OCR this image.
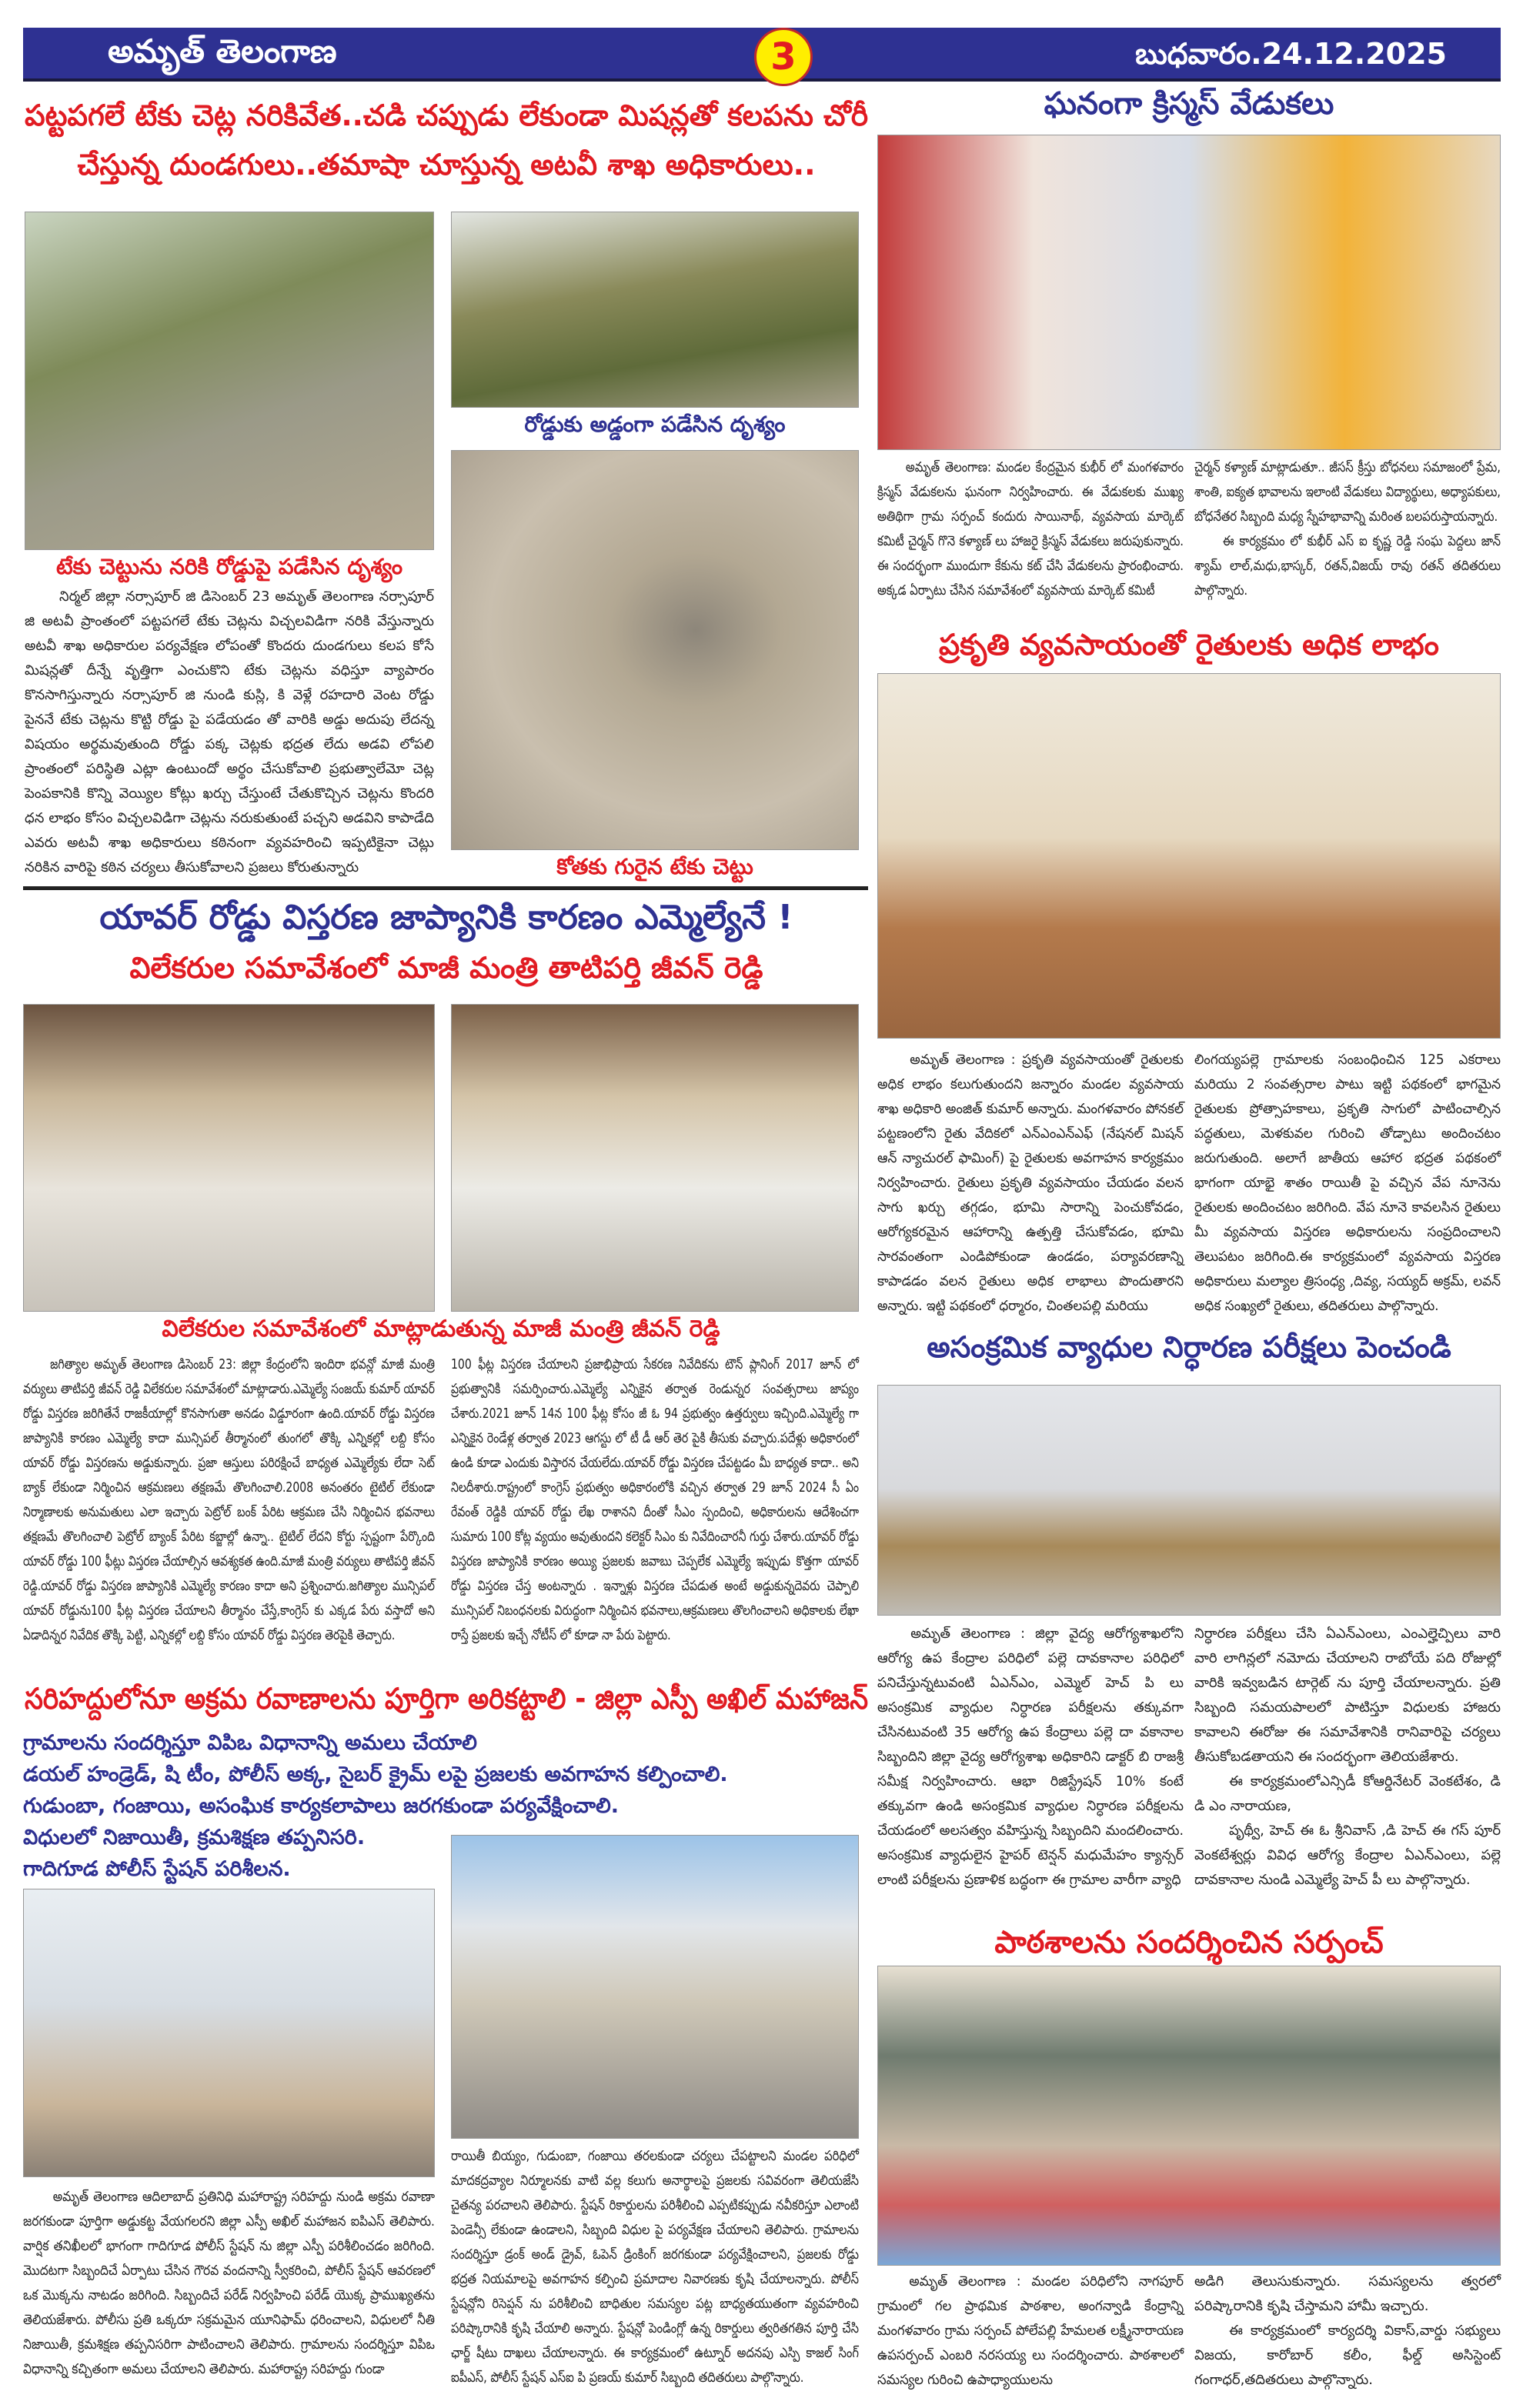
అమృత్ తెలంగాణ	3	బుధవారం.24.12.2025
పట్టపగలే టేకు చెట్ల నరికివేత..చడి చప్పుడు లేకుండా మిషన్లతో కలపను చోరీ
చేస్తున్న దుండగులు..తమాషా చూస్తున్న అటవీ శాఖ అధికారులు..
రోడ్డుకు అడ్డంగా పడేసిన దృశ్యం
కోతకు గురైన టేకు చెట్టు
టేకు చెట్టును నరికి రోడ్డుపై పడేసిన దృశ్యం
నిర్మల్ జిల్లా నర్సాపూర్ జి డిసెంబర్ 23 అమృత్ తెలంగాణ నర్సాపూర్ జి అటవీ ప్రాంతంలో పట్టపగలే టేకు చెట్లను విచ్చలవిడిగా నరికి వేస్తున్నారు అటవీ శాఖ అధికారుల పర్యవేక్షణ లోపంతో కొందరు దుండగులు కలప కోసే మిషన్లతో దీన్నే వృత్తిగా ఎంచుకొని టేకు చెట్లను వధిస్తూ వ్యాపారం కొనసాగిస్తున్నారు నర్సాపూర్ జి నుండి కుస్లి, కి వెళ్లే రహదారి వెంట రోడ్డు పైననే టేకు చెట్లను కొట్టి రోడ్డు పై పడేయడం తో వారికి అడ్డు అదుపు లేదన్న విషయం అర్థమవుతుంది రోడ్డు పక్క చెట్లకు భద్రత లేదు అడవి లోపలి ప్రాంతంలో పరిస్థితి ఎట్లా ఉంటుందో అర్థం చేసుకోవాలి ప్రభుత్వాలేమో చెట్ల పెంపకానికి కొన్ని వెయ్యిల కోట్లు ఖర్చు చేస్తుంటే చేతుకొచ్చిన చెట్లను కొందరి ధన లాభం కోసం విచ్చలవిడిగా చెట్లను నరుకుతుంటే పచ్చని అడవిని కాపాడేది ఎవరు అటవీ శాఖ అధికారులు కఠినంగా వ్యవహరించి ఇప్పటికైనా చెట్లు నరికిన వారిపై కఠిన చర్యలు తీసుకోవాలని ప్రజలు కోరుతున్నారు
యావర్ రోడ్డు విస్తరణ జాప్యానికి కారణం ఎమ్మెల్యేనే !
విలేకరుల సమావేశంలో మాజీ మంత్రి తాటిపర్తి జీవన్ రెడ్డి
విలేకరుల సమావేశంలో మాట్లాడుతున్న మాజీ మంత్రి జీవన్ రెడ్డి
జగిత్యాల అమృత్ తెలంగాణ డిసెంబర్ 23: జిల్లా కేంద్రంలోని ఇందిరా భవన్లో మాజీ మంత్రి వర్యులు తాటిపర్తి జీవన్ రెడ్డి విలేకరుల సమావేశంలో మాట్లాడారు.ఎమ్మెల్యే సంజయ్ కుమార్ యావర్ రోడ్డు విస్తరణ జరిగితేనే రాజకీయాల్లో కొనసాగుతా అనడం విడ్డూరంగా ఉంది.యావర్ రోడ్డు విస్తరణ జాప్యానికి కారణం ఎమ్మెల్యే కాదా మున్సిపల్ తీర్మానంలో తుంగలో తొక్కి ఎన్నికల్లో లబ్ది కోసం యావర్ రోడ్డు విస్తరణను అడ్డుకున్నారు. ప్రజా ఆస్తులు పరిరక్షించే బాధ్యత ఎమ్మెల్యేకు లేదా సెట్ బ్యాక్ లేకుండా నిర్మించిన ఆక్రమణలు తక్షణమే తొలగించాలి.2008 అనంతరం టైటిల్ లేకుండా నిర్మాణాలకు అనుమతులు ఎలా ఇచ్చారు పెట్రోల్ బంక్ పేరిట ఆక్రమణ చేసి నిర్మించిన భవనాలు తక్షణమే తొలగించాలి పెట్రోల్ బ్యాంక్ పేరిట కబ్జాల్లో ఉన్నా.. టైటిల్ లేదని కోర్టు స్పష్టంగా పేర్కొంది యావర్ రోడ్డు 100 ఫీట్లు విస్తరణ చేయాల్సిన ఆవశ్యకత ఉంది.మాజీ మంత్రి వర్యులు తాటిపర్తి జీవన్ రెడ్డి.యావర్ రోడ్డు విస్తరణ జాప్యానికి ఎమ్మెల్యే కారణం కాదా అని ప్రశ్నించారు.జగిత్యాల మున్సిపల్ యావర్ రోడ్డును100 ఫీట్ల విస్తరణ చేయాలని తీర్మానం చేస్తే,కాంగ్రెస్ కు ఎక్కడ పేరు వస్తాదో అని ఏడాదిన్నర నివేదిక తొక్కి పెట్టి, ఎన్నికల్లో లబ్ది కోసం యావర్ రోడ్డు విస్తరణ తెరపైకి తెచ్చారు.
100 ఫీట్ల విస్తరణ చేయాలని ప్రజాభిప్రాయ సేకరణ నివేదికను టౌన్ ప్లానింగ్ 2017 జూన్ లో ప్రభుత్వానికి సమర్పించారు.ఎమ్మెల్యే ఎన్నికైన తర్వాత రెండున్నర సంవత్సరాలు జాప్యం చేశారు.2021 జూన్ 14న 100 ఫీట్ల కోసం జీ ఓ 94 ప్రభుత్వం ఉత్తర్వులు ఇచ్చింది.ఎమ్మెల్యే గా ఎన్నికైన రెండేళ్ల తర్వాత 2023 ఆగస్టు లో టీ డీ ఆర్ తెర పైకి తీసుకు వచ్చారు.పదేళ్లు అధికారంలో ఉండి కూడా ఎందుకు విస్తారన చేయలేదు.యావర్ రోడ్డు విస్తరణ చేపట్టడం మీ బాధ్యత కాదా.. అని నిలదీశారు.రాష్ట్రంలో కాంగ్రెస్ ప్రభుత్వం అధికారంలోకి వచ్చిన తర్వాత 29 జూన్ 2024 సీ ఏం రేవంత్ రెడ్డికి యావర్ రోడ్డు లేఖ రాశానని దీంతో సీఎం స్పందించి, అధికారులను ఆదేశించగా సుమారు 100 కోట్ల వ్యయం అవుతుందని కలెక్టర్ సిఎం కు నివేదించారనీ గుర్తు చేశారు.యావర్ రోడ్డు విస్తరణ జాప్యానికి కారణం అయ్యి ప్రజలకు జవాబు చెప్పలేక ఎమ్మెల్యే ఇప్పుడు కొత్తగా యావర్ రోడ్డు విస్తరణ చేస్త అంటన్నారు . ఇన్నాళ్లు విస్తరణ చేపడుత అంటే అడ్డుకున్నదెవరు చెప్పాలి మున్సిపల్ నిబంధనలకు విరుద్ధంగా నిర్మించిన భవనాలు,ఆక్రమణలు తొలగించాలని అధికాలకు లేఖా రాస్తే ప్రజలకు ఇచ్చే నోటీస్ లో కూడా నా పేరు పెట్టారు.
సరిహద్దులోనూ అక్రమ రవాణాలను పూర్తిగా అరికట్టాలి - జిల్లా ఎస్పీ అఖిల్ మహాజన్
గ్రామాలను సందర్శిస్తూ విపిఒ విధానాన్ని అమలు చేయాలి
డయల్ హండ్రెడ్, షి టీం, పోలీస్ అక్క, సైబర్ క్రైమ్ లపై ప్రజలకు అవగాహన కల్పించాలి.
గుడుంబా, గంజాయి, అసంఘిక కార్యకలాపాలు జరగకుండా పర్యవేక్షించాలి.
విధులలో నిజాయితీ, క్రమశిక్షణ తప్పనిసరి.
గాదిగూడ పోలీస్ స్టేషన్ పరిశీలన.
అమృత్ తెలంగాణ ఆదిలాబాద్ ప్రతినిధి మహారాష్ట్ర సరిహద్దు నుండి అక్రమ రవాణా జరగకుండా పూర్తిగా అడ్డుకట్ట వేయగలరని జిల్లా ఎస్పీ అఖిల్ మహాజన ఐపిఎస్ తెలిపారు. వార్షిక తనిఖీలలో భాగంగా గాదిగూడ పోలీస్ స్టేషన్ ను జిల్లా ఎస్పీ పరిశీలించడం జరిగింది. మొదటగా సిబ్బందిచే ఏర్పాటు చేసిన గౌరవ వందనాన్ని స్వీకరించి, పోలీస్ స్టేషన్ ఆవరణలో ఒక మొక్కను నాటడం జరిగింది. సిబ్బందిచే పరేడ్ నిర్వహించి పరేడ్ యొక్క ప్రాముఖ్యతను తెలియజేశారు. పోలీసు ప్రతి ఒక్కరూ సక్రమమైన యూనిఫామ్ ధరించాలని, విధులలో నీతి నిజాయితీ, క్రమశిక్షణ తప్పనిసరిగా పాటించాలని తెలిపారు. గ్రామాలను సందర్శిస్తూ విపిఒ విధానాన్ని కచ్చితంగా అమలు చేయాలని తెలిపారు. మహారాష్ట్ర సరిహద్దు గుండా
రాయితీ బియ్యం, గుడుంబా, గంజాయి తరలకుండా చర్యలు చేపట్టాలని మండల పరిధిలో మాదకద్రవ్యాల నిర్మూలనకు వాటి వల్ల కలుగు అనార్థాలపై ప్రజలకు సవివరంగా తెలియజేసి చైతన్య పరచాలని తెలిపారు. స్టేషన్ రికార్డులను పరిశీలించి ఎప్పటికప్పుడు నవీకరిస్తూ ఎలాంటి పెండెన్సీ లేకుండా ఉండాలని, సిబ్బంది విధుల పై పర్యవేక్షణ చేయాలని తెలిపారు. గ్రామాలను సందర్శిస్తూ డ్రంక్ అండ్ డ్రైవ్, ఓపెన్ డ్రింకింగ్ జరగకుండా పర్యవేక్షించాలని, ప్రజలకు రోడ్డు భద్రత నియమాలపై అవగాహన కల్పించి ప్రమాదాల నివారణకు కృషి చేయాలన్నారు. పోలీస్ స్టేషన్లోని రిసెప్షన్ ను పరిశీలించి బాధితుల సమస్యల పట్ల బాధ్యతయుతంగా వ్యవహరించి పరిష్కారానికి కృషి చేయాలి అన్నారు. స్టేషన్లో పెండింగ్లో ఉన్న రికార్డులు త్వరితగతిన పూర్తి చేసి ఛార్జ్ షీటు దాఖలు చేయాలన్నారు. ఈ కార్యక్రమంలో ఉట్నూర్ అదనపు ఎస్పి కాజల్ సింగ్ ఐపీఎస్, పోలీస్ స్టేషన్ ఎస్ఐ పి ప్రణయ్ కుమార్ సిబ్బంది తదితరులు పాల్గొన్నారు.
ఘనంగా క్రిస్మస్ వేడుకలు
అమృత్ తెలంగాణ: మండల కేంద్రమైన కుభీర్ లో మంగళవారం క్రిస్మస్ వేడుకలను ఘనంగా నిర్వహించారు. ఈ వేడుకలకు ముఖ్య అతిథిగా గ్రామ సర్పంచ్ కందురు సాయినాథ్, వ్యవసాయ మార్కెట్ కమిటీ చైర్మన్ గొనె కళ్యాణ్ లు హాజరై క్రిస్మస్ వేడుకలు జరుపుకున్నారు. ఈ సందర్భంగా ముందుగా కేకును కట్ చేసి వేడుకలను ప్రారంభించారు. అక్కడ ఏర్పాటు చేసిన సమావేశంలో వ్యవసాయ మార్కెట్ కమిటీ
చైర్మన్ కళ్యాణ్ మాట్లాడుతూ.. జీసస్ క్రీస్తు బోధనలు సమాజంలో ప్రేమ, శాంతి, ఐక్యత భావాలను ఇలాంటి వేడుకలు విద్యార్థులు, అధ్యాపకులు, బోధనేతర సిబ్బంది మధ్య స్నేహభావాన్ని మరింత బలపరుస్తాయన్నారు.
ఈ కార్యక్రమం లో కుభీర్ ఎస్ ఐ కృష్ణ రెడ్డి సంఘ పెద్దలు జాన్ శ్యామ్ లాల్,మధు,భాస్కర్, రతన్,విజయ్ రావు రతన్ తదితరులు పాల్గొన్నారు.
ప్రకృతి వ్యవసాయంతో రైతులకు అధిక లాభం
అమృత్ తెలంగాణ : ప్రకృతి వ్యవసాయంతో రైతులకు అధిక లాభం కలుగుతుందని జన్నారం మండల వ్యవసాయ శాఖ అధికారి అంజిత్ కుమార్ అన్నారు. మంగళవారం పోనకల్ పట్టణంలోని రైతు వేదికలో ఎన్ఎంఎన్ఎఫ్ (నేషనల్ మిషన్ ఆన్ న్యాచురల్ ఫామింగ్) పై రైతులకు అవగాహన కార్యక్రమం నిర్వహించారు. రైతులు ప్రకృతి వ్యవసాయం చేయడం వలన సాగు ఖర్చు తగ్గడం, భూమి సారాన్ని పెంచుకోవడం, ఆరోగ్యకరమైన ఆహారాన్ని ఉత్పత్తి చేసుకోవడం, భూమి సారవంతంగా ఎండిపోకుండా ఉండడం, పర్యావరణాన్ని కాపాడడం వలన రైతులు అధిక లాభాలు పొందుతారని అన్నారు. ఇట్టి పథకంలో ధర్మారం, చింతలపల్లి మరియు
లింగయ్యపల్లె గ్రామాలకు సంబంధించిన 125 ఎకరాలు మరియు 2 సంవత్సరాల పాటు ఇట్టి పథకంలో భాగమైన రైతులకు ప్రోత్సాహకాలు, ప్రకృతి సాగులో పాటించాల్సిన పద్ధతులు, మెళకువల గురించి తోడ్పాటు అందించటం జరుగుతుంది. అలాగే జాతీయ ఆహార భద్రత పథకంలో భాగంగా యాభై శాతం రాయితీ పై వచ్చిన వేప నూనెను రైతులకు అందించటం జరిగింది. వేప నూనె కావలసిన రైతులు మీ వ్యవసాయ విస్తరణ అధికారులను సంప్రదించాలని తెలుపటం జరిగింది.ఈ కార్యక్రమంలో వ్యవసాయ విస్తరణ అధికారులు మల్యాల త్రిసంధ్య ,దివ్య, సయ్యద్ అక్రమ్, లవన్ అధిక సంఖ్యలో రైతులు, తదితరులు పాల్గొన్నారు.
అసంక్రమిక వ్యాధుల నిర్ధారణ పరీక్షలు పెంచండి
అమృత్ తెలంగాణ : జిల్లా వైద్య ఆరోగ్యశాఖలోని ఆరోగ్య ఉప కేంద్రాల పరిధిలో పల్లె దావకానాల పరిధిలో పనిచేస్తున్నటువంటి ఏఎన్ఎం, ఎమ్మెల్ హెచ్ పి లు అసంక్రమిక వ్యాధుల నిర్ధారణ పరీక్షలను తక్కువగా చేసినటువంటి 35 ఆరోగ్య ఉప కేంద్రాలు పల్లె దా వకానాల సిబ్బందిని జిల్లా వైద్య ఆరోగ్యశాఖ అధికారిని డాక్టర్ బి రాజశ్రీ సమీక్ష నిర్వహించారు. ఆభా రిజిస్ట్రేషన్ 10% కంటే తక్కువగా ఉండి అసంక్రమిక వ్యాధుల నిర్ధారణ పరీక్షలను చేయడంలో అలసత్వం వహిస్తున్న సిబ్బందిని మందలించారు. అసంక్రమిక వ్యాధులైన హైపర్ టెన్షన్ మధుమేహం క్యాన్సర్ లాంటి పరీక్షలను ప్రణాళిక బద్ధంగా ఈ గ్రామాల వారీగా వ్యాధి
నిర్ధారణ పరీక్షలు చేసి ఏఎన్ఎంలు, ఎంఎల్హెచ్పిలు వారి వారి లాగిన్లలో నమోదు చేయాలని రాబోయే పది రోజుల్లో వారికి ఇవ్వబడిన టార్గెట్ ను పూర్తి చేయాలన్నారు. ప్రతి సిబ్బంది సమయపాలలో పాటిస్తూ విధులకు హాజరు కావాలని ఈరోజు ఈ సమావేశానికి రానివారిపై చర్యలు తీసుకోబడతాయని ఈ సందర్భంగా తెలియజేశారు.
ఈ కార్యక్రమంలోఎన్సిడీ కోఆర్డినేటర్ వెంకటేశం, డి డి ఎం నారాయణ,
పృథ్వీ, హెచ్ ఈ ఓ శ్రీనివాస్ ,డి హెచ్ ఈ గస్ పూర్ వెంకటేశ్వర్లు వివిధ ఆరోగ్య కేంద్రాల ఏఎన్ఎంలు, పల్లె దావకానాల నుండి ఎమ్మెల్యే హెచ్ పీ లు పాల్గొన్నారు.
పాఠశాలను సందర్శించిన సర్పంచ్
అమృత్ తెలంగాణ : మండల పరిధిలోని నాగపూర్ గ్రామంలో గల ప్రాథమిక పాఠశాల, అంగన్వాడి కేంద్రాన్ని మంగళవారం గ్రామ సర్పంచ్ పోలేపల్లి హేమలత లక్ష్మీనారాయణ ఉపసర్పంచ్ ఎంబరి నరసయ్య లు సందర్శించారు. పాఠశాలలో సమస్యల గురించి ఉపాధ్యాయులను
అడిగి తెలుసుకున్నారు. సమస్యలను త్వరలో పరిష్కారానికి కృషి చేస్తామని హామీ ఇచ్చారు.
ఈ కార్యక్రమంలో కార్యదర్శి వికాస్,వార్డు సభ్యులు విజయ, కారోబార్ కలీం, ఫీల్డ్ అసిస్టెంట్ గంగాధర్,తదితరులు పాల్గొన్నారు.
